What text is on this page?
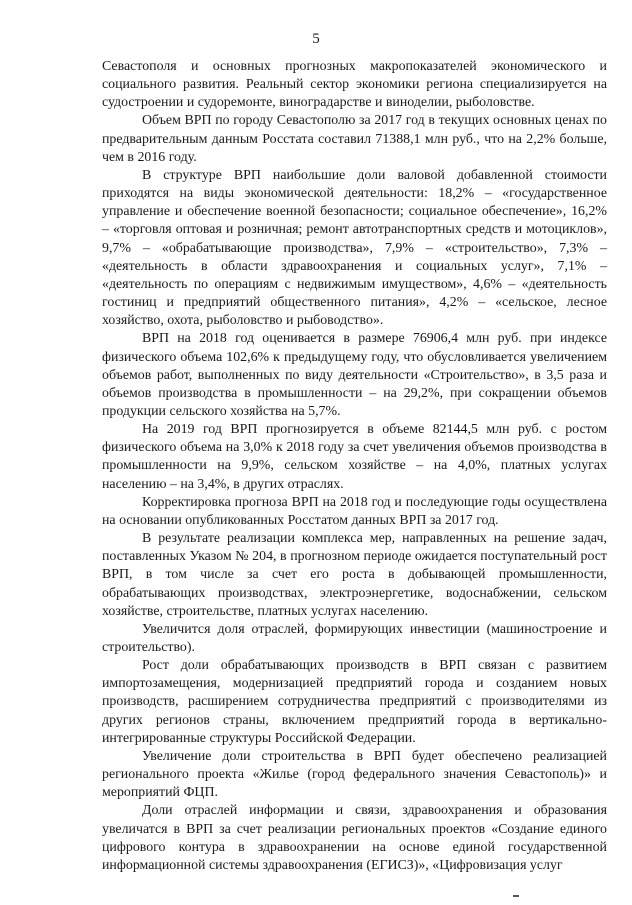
5

Севастополя и основных прогнозных макропоказателей экономического и социального развития. Реальный сектор экономики региона специализируется на судостроении и судоремонте, виноградарстве и виноделии, рыболовстве.

Объем ВРП по городу Севастополю за 2017 год в текущих основных ценах по предварительным данным Росстата составил 71388,1 млн руб., что на 2,2% больше, чем в 2016 году.

В структуре ВРП наибольшие доли валовой добавленной стоимости приходятся на виды экономической деятельности: 18,2% – «государственное управление и обеспечение военной безопасности; социальное обеспечение», 16,2% – «торговля оптовая и розничная; ремонт автотранспортных средств и мотоциклов», 9,7% – «обрабатывающие производства», 7,9% – «строительство», 7,3% – «деятельность в области здравоохранения и социальных услуг», 7,1% – «деятельность по операциям с недвижимым имуществом», 4,6% – «деятельность гостиниц и предприятий общественного питания», 4,2% – «сельское, лесное хозяйство, охота, рыболовство и рыбоводство».

ВРП на 2018 год оценивается в размере 76906,4 млн руб. при индексе физического объема 102,6% к предыдущему году, что обусловливается увеличением объемов работ, выполненных по виду деятельности «Строительство», в 3,5 раза и объемов производства в промышленности – на 29,2%, при сокращении объемов продукции сельского хозяйства на 5,7%.

На 2019 год ВРП прогнозируется в объеме 82144,5 млн руб. с ростом физического объема на 3,0% к 2018 году за счет увеличения объемов производства в промышленности на 9,9%, сельском хозяйстве – на 4,0%, платных услугах населению – на 3,4%, в других отраслях.

Корректировка прогноза ВРП на 2018 год и последующие годы осуществлена на основании опубликованных Росстатом данных ВРП за 2017 год.

В результате реализации комплекса мер, направленных на решение задач, поставленных Указом № 204, в прогнозном периоде ожидается поступательный рост ВРП, в том числе за счет его роста в добывающей промышленности, обрабатывающих производствах, электроэнергетике, водоснабжении, сельском хозяйстве, строительстве, платных услугах населению.

Увеличится доля отраслей, формирующих инвестиции (машиностроение и строительство).

Рост доли обрабатывающих производств в ВРП связан с развитием импортозамещения, модернизацией предприятий города и созданием новых производств, расширением сотрудничества предприятий с производителями из других регионов страны, включением предприятий города в вертикально-интегрированные структуры Российской Федерации.

Увеличение доли строительства в ВРП будет обеспечено реализацией регионального проекта «Жилье (город федерального значения Севастополь)» и мероприятий ФЦП.

Доли отраслей информации и связи, здравоохранения и образования увеличатся в ВРП за счет реализации региональных проектов «Создание единого цифрового контура в здравоохранении на основе единой государственной информационной системы здравоохранения (ЕГИСЗ)», «Цифровизация услуг
